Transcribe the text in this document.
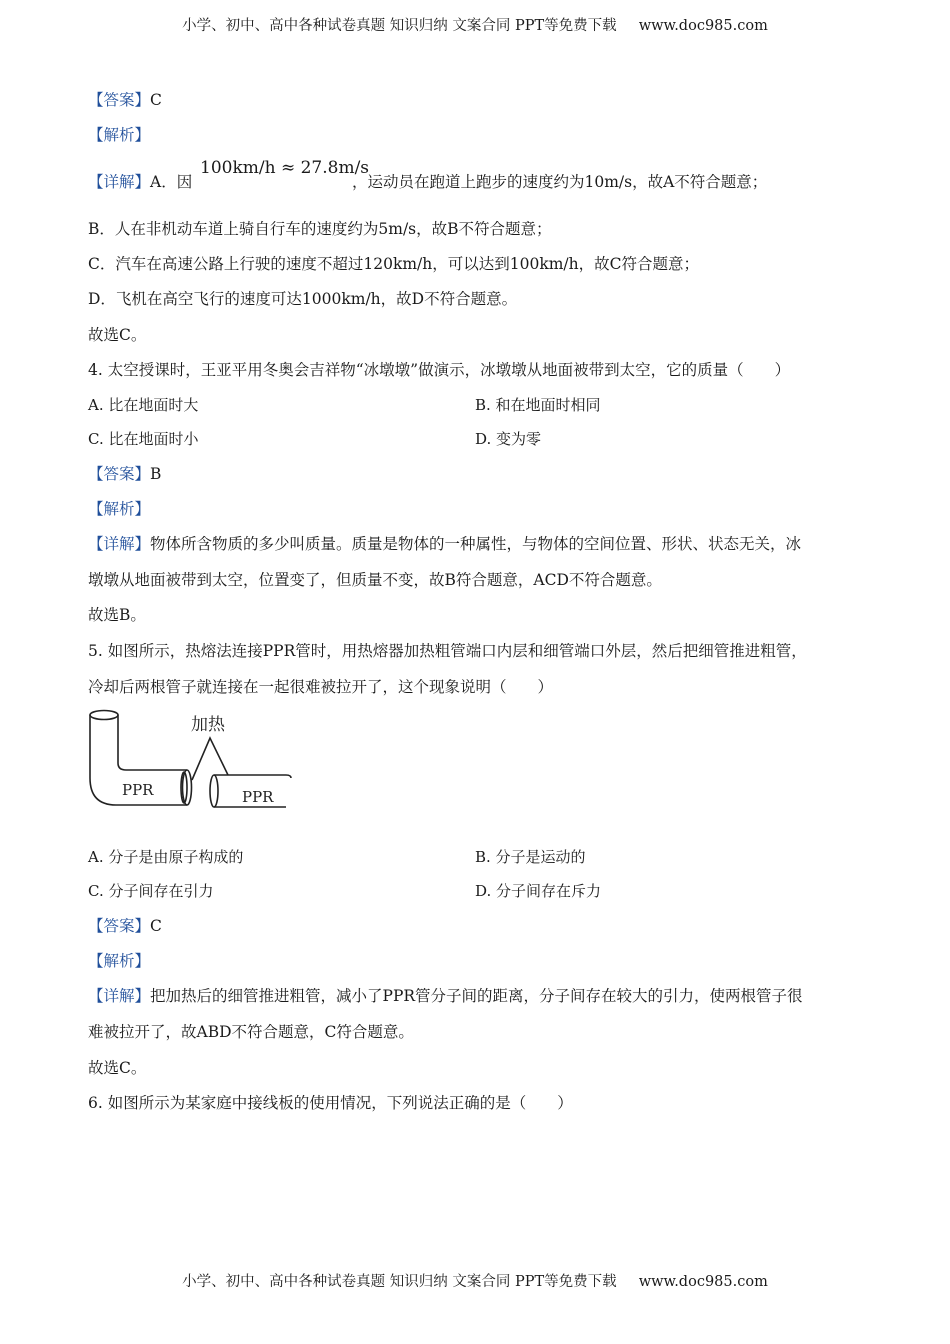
小学、初中、高中各种试卷真题 知识归纳 文案合同 PPT等免费下载 www.doc985.com
【答案】C
【解析】
【详解】A．因
100km/h ≈ 27.8m/s
，运动员在跑道上跑步的速度约为10m/s，故A不符合题意；
B．人在非机动车道上骑自行车的速度约为5m/s，故B不符合题意；
C．汽车在高速公路上行驶的速度不超过120km/h，可以达到100km/h，故C符合题意；
D．飞机在高空飞行的速度可达1000km/h，故D不符合题意。
故选C。
4. 太空授课时，王亚平用冬奥会吉祥物“冰墩墩”做演示，冰墩墩从地面被带到太空，它的质量（　　）
A. 比在地面时大	B. 和在地面时相同
C. 比在地面时小	D. 变为零
【答案】B
【解析】
【详解】物体所含物质的多少叫质量。质量是物体的一种属性，与物体的空间位置、形状、状态无关，冰
墩墩从地面被带到太空，位置变了，但质量不变，故B符合题意，ACD不符合题意。
故选B。
5. 如图所示，热熔法连接PPR管时，用热熔器加热粗管端口内层和细管端口外层，然后把细管推进粗管，
冷却后两根管子就连接在一起很难被拉开了，这个现象说明（　　）
加热
PPR	PPR
A. 分子是由原子构成的	B. 分子是运动的
C. 分子间存在引力	D. 分子间存在斥力
【答案】C
【解析】
【详解】把加热后的细管推进粗管，减小了PPR管分子间的距离，分子间存在较大的引力，使两根管子很
难被拉开了，故ABD不符合题意，C符合题意。
故选C。
6. 如图所示为某家庭中接线板的使用情况，下列说法正确的是（　　）
小学、初中、高中各种试卷真题 知识归纳 文案合同 PPT等免费下载 www.doc985.com
